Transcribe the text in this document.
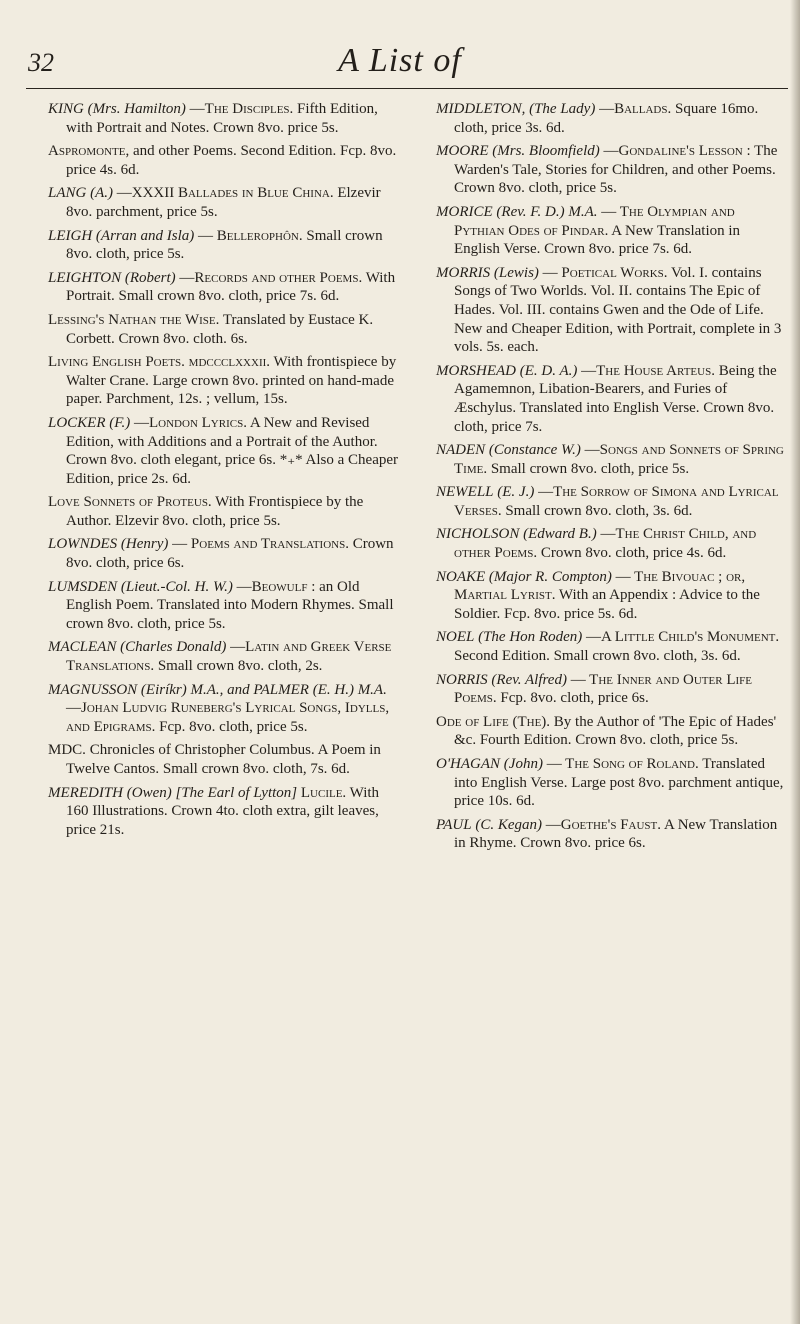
32	A List of

KING (Mrs. Hamilton) —The Disciples. Fifth Edition, with Portrait and Notes. Crown 8vo. price 5s.

Aspromonte, and other Poems. Second Edition. Fcp. 8vo. price 4s. 6d.

LANG (A.) —XXXII Ballades in Blue China. Elzevir 8vo. parchment, price 5s.

LEIGH (Arran and Isla) — Bellerophôn. Small crown 8vo. cloth, price 5s.

LEIGHTON (Robert) —Records and other Poems. With Portrait. Small crown 8vo. cloth, price 7s. 6d.

Lessing's Nathan the Wise. Translated by Eustace K. Corbett. Crown 8vo. cloth. 6s.

Living English Poets. mdccclxxxii. With frontispiece by Walter Crane. Large crown 8vo. printed on hand-made paper. Parchment, 12s. ; vellum, 15s.

LOCKER (F.) —London Lyrics. A New and Revised Edition, with Additions and a Portrait of the Author. Crown 8vo. cloth elegant, price 6s. *₊* Also a Cheaper Edition, price 2s. 6d.

Love Sonnets of Proteus. With Frontispiece by the Author. Elzevir 8vo. cloth, price 5s.

LOWNDES (Henry) — Poems and Translations. Crown 8vo. cloth, price 6s.

LUMSDEN (Lieut.-Col. H. W.) —Beowulf : an Old English Poem. Translated into Modern Rhymes. Small crown 8vo. cloth, price 5s.

MACLEAN (Charles Donald) —Latin and Greek Verse Translations. Small crown 8vo. cloth, 2s.

MAGNUSSON (Eiríkr) M.A., and PALMER (E. H.) M.A. —Johan Ludvig Runeberg's Lyrical Songs, Idylls, and Epigrams. Fcp. 8vo. cloth, price 5s.

MDC. Chronicles of Christopher Columbus. A Poem in Twelve Cantos. Small crown 8vo. cloth, 7s. 6d.

MEREDITH (Owen) [The Earl of Lytton] Lucile. With 160 Illustrations. Crown 4to. cloth extra, gilt leaves, price 21s.

MIDDLETON, (The Lady) —Ballads. Square 16mo. cloth, price 3s. 6d.

MOORE (Mrs. Bloomfield) —Gondaline's Lesson : The Warden's Tale, Stories for Children, and other Poems. Crown 8vo. cloth, price 5s.

MORICE (Rev. F. D.) M.A. — The Olympian and Pythian Odes of Pindar. A New Translation in English Verse. Crown 8vo. price 7s. 6d.

MORRIS (Lewis) — Poetical Works. Vol. I. contains Songs of Two Worlds. Vol. II. contains The Epic of Hades. Vol. III. contains Gwen and the Ode of Life. New and Cheaper Edition, with Portrait, complete in 3 vols. 5s. each.

MORSHEAD (E. D. A.) —The House Arteus. Being the Agamemnon, Libation-Bearers, and Furies of Æschylus. Translated into English Verse. Crown 8vo. cloth, price 7s.

NADEN (Constance W.) —Songs and Sonnets of Spring Time. Small crown 8vo. cloth, price 5s.

NEWELL (E. J.) —The Sorrow of Simona and Lyrical Verses. Small crown 8vo. cloth, 3s. 6d.

NICHOLSON (Edward B.) —The Christ Child, and other Poems. Crown 8vo. cloth, price 4s. 6d.

NOAKE (Major R. Compton) — The Bivouac ; or, Martial Lyrist. With an Appendix : Advice to the Soldier. Fcp. 8vo. price 5s. 6d.

NOEL (The Hon Roden) —A Little Child's Monument. Second Edition. Small crown 8vo. cloth, 3s. 6d.

NORRIS (Rev. Alfred) — The Inner and Outer Life Poems. Fcp. 8vo. cloth, price 6s.

Ode of Life (The). By the Author of 'The Epic of Hades' &c. Fourth Edition. Crown 8vo. cloth, price 5s.

O'HAGAN (John) — The Song of Roland. Translated into English Verse. Large post 8vo. parchment antique, price 10s. 6d.

PAUL (C. Kegan) —Goethe's Faust. A New Translation in Rhyme. Crown 8vo. price 6s.
